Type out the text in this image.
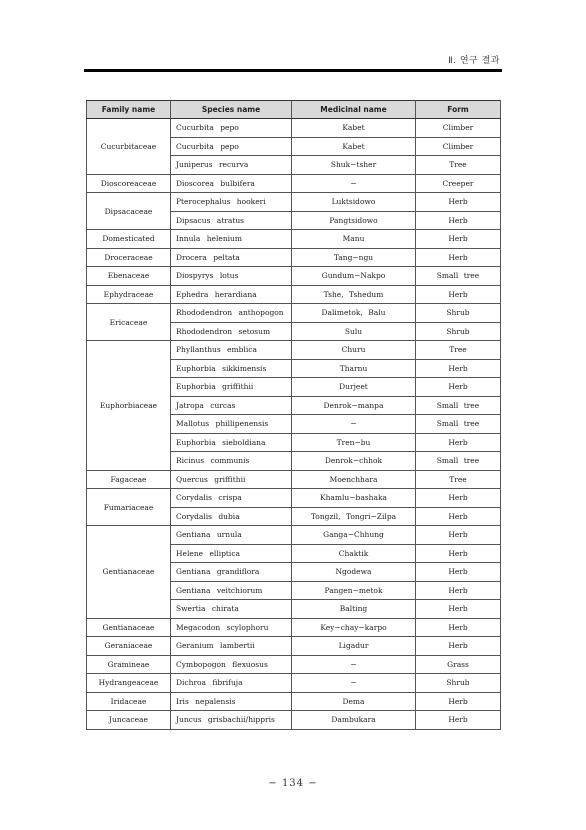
Ⅱ. 연구 결과
Family name	Species name	Medicinal name	Form
Cucurbitaceae	Cucurbita pepo	Kabet	Climber
	Cucurbita pepo	Kabet	Climber
	Juniperus recurva	Shuk−tsher	Tree
Dioscoreaceae	Dioscorea bulbifera	−	Creeper
Dipsacaceae	Pterocephalus hookeri	Luktsidowo	Herb
	Dipsacus atratus	Pangtsidowo	Herb
Domesticated	Innula helenium	Manu	Herb
Droceraceae	Drocera peltata	Tang−ngu	Herb
Ebenaceae	Diospyrys lotus	Gundum−Nakpo	Small tree
Ephydraceae	Ephedra herardiana	Tshe, Tshedum	Herb
Ericaceae	Rhododendron anthopogon	Dalimetok, Balu	Shrub
	Rhododendron setosum	Sulu	Shrub
Euphorbiaceae	Phyllanthus emblica	Churu	Tree
	Euphorbia sikkimensis	Tharnu	Herb
	Euphorbia griffithii	Durjeet	Herb
	Jatropa curcas	Denrok−manpa	Small tree
	Mallotus phillipenensis	−	Small tree
	Euphorbia sieboldiana	Tren−bu	Herb
	Ricinus communis	Denrok−chhok	Small tree
Fagaceae	Quercus griffithii	Moenchhara	Tree
Fumariaceae	Corydalis crispa	Khamlu−bashaka	Herb
	Corydalis dubia	Tongzil, Tongri−Zilpa	Herb
Gentianaceae	Gentiana urnula	Ganga−Chhung	Herb
	Helene elliptica	Chaktik	Herb
	Gentiana grandiflora	Ngodewa	Herb
	Gentiana veitchiorum	Pangen−metok	Herb
	Swertia chirata	Balting	Herb
Gentianaceae	Megacodon scylophoru	Key−chay−karpo	Herb
Geraniaceae	Geranium lambertii	Ligadur	Herb
Gramineae	Cymbopogon flexuosus	−	Grass
Hydrangeaceae	Dichroa fibrifuja	−	Shrub
Iridaceae	Iris nepalensis	Dema	Herb
Juncaceae	Juncus grisbachii/hippris	Dambukara	Herb
− 134 −
